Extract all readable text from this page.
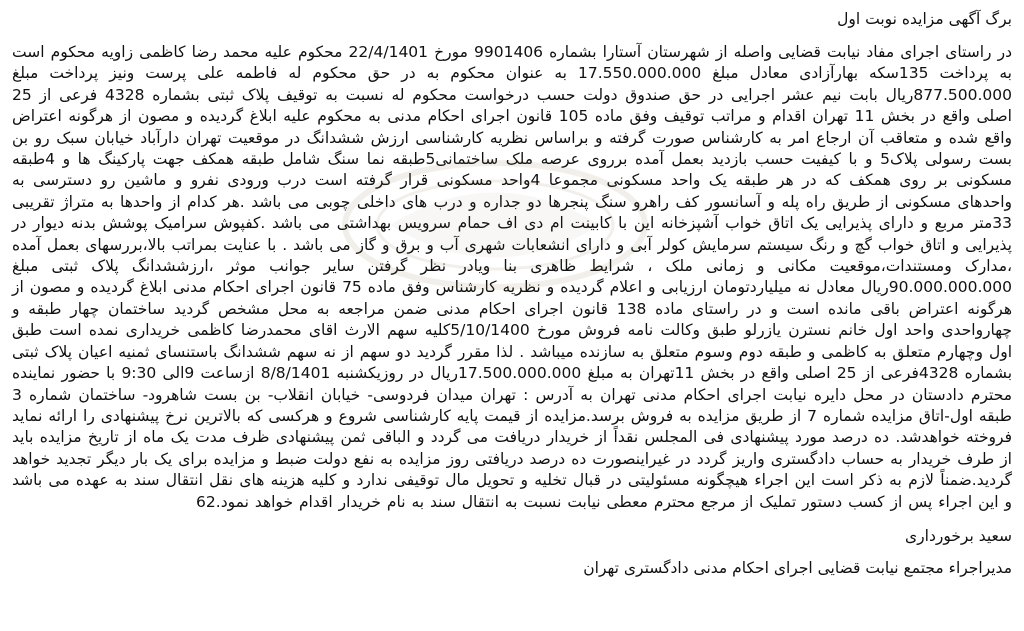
برگ آگهی مزایده نوبت اول

در راستای اجرای مفاد نیابت قضایی واصله از شهرستان آستارا بشماره 9901406 مورخ 22/4/1401 محکوم علیه محمد رضا کاظمی زاویه محکوم است به پرداخت 135سکه بهارآزادی معادل مبلغ 17.550.000.000 به عنوان محکوم به در حق محکوم له فاطمه علی پرست ونیز پرداخت مبلغ 877.500.000ریال بابت نیم عشر اجرایی در حق صندوق دولت حسب درخواست محکوم له نسبت به توقیف پلاک ثبتی بشماره 4328 فرعی از 25 اصلی واقع در بخش 11 تهران اقدام و مراتب توقیف وفق ماده 105 قانون اجرای احکام مدنی به محکوم علیه ابلاغ گردیده و مصون از هرگونه اعتراض واقع شده و متعاقب آن ارجاع امر به کارشناس صورت گرفته و براساس نظریه کارشناسی ارزش ششدانگ در موقعیت تهران دارآباد خیابان سبک رو بن بست رسولی پلاک5 و با کیفیت حسب بازدید بعمل آمده برروی عرصه ملک ساختمانی5طبقه نما سنگ شامل طبقه همکف جهت پارکینگ ها و 4طبقه مسکونی بر روی همکف که در هر طبقه یک واحد مسکونی مجموعا 4واحد مسکونی قرار گرفته است درب ورودی نفرو و ماشین رو دسترسی به واحدهای مسکونی از طریق راه پله و آسانسور کف راهرو سنگ پنجرها دو جداره و درب های داخلی چوبی می باشد .هر کدام از واحدها به متراژ تقریبی 33متر مربع و دارای پذیرایی یک اتاق خواب آشپزخانه این با کابینت ام دی اف حمام سرویس بهداشتی می باشد .کفپوش سرامیک پوشش بدنه دیوار در پذیرایی و اتاق خواب گچ و رنگ سیستم سرمایش کولر آبی و دارای انشعابات شهری آب و برق و گاز می باشد . با عنایت بمراتب بالا،بررسهای بعمل آمده ،مدارک ومستندات،موقعیت مکانی و زمانی ملک ، شرایط ظاهری بنا ویادر نظر گرفتن سایر جوانب موثر ،ارزششدانگ پلاک ثبتی مبلغ 90.000.000.000ریال معادل نه میلیاردتومان ارزیابی و اعلام گردیده و نظریه کارشناس وفق ماده 75 قانون اجرای احکام مدنی ابلاغ گردیده و مصون از هرگونه اعتراض باقی مانده است و در راستای ماده 138 قانون اجرای احکام مدنی ضمن مراجعه به محل مشخص گردید ساختمان چهار طبقه و چهارواحدی واحد اول خانم نسترن یازرلو طبق وکالت نامه فروش مورخ 5/10/1400کلیه سهم الارث اقای محمدرضا کاظمی خریداری نمده است طبق اول وچهارم متعلق به کاظمی و طبقه دوم وسوم متعلق به سازنده میباشد . لذا مقرر گردید دو سهم از نه سهم ششدانگ باستنسای ثمنیه اعیان پلاک ثبتی بشماره 4328فرعی از 25 اصلی واقع در بخش 11تهران به مبلغ 17.500.000.000ریال در روزیکشنبه 8/8/1401 ازساعت 9الی 9:30 با حضور نماینده محترم دادستان در محل دایره نیابت اجرای احکام مدنی تهران به آدرس : تهران میدان فردوسی- خیابان انقلاب- بن بست شاهرود- ساختمان شماره 3 طبقه اول-اتاق مزایده شماره 7 از طریق مزایده به فروش برسد.مزایده از قیمت پایه کارشناسی شروع و هرکسی که بالاترین نرخ پیشنهادی را ارائه نماید فروخته خواهدشد. ده درصد مورد پیشنهادی فی المجلس نقداً از خریدار دریافت می گردد و الباقی ثمن پیشنهادی ظرف مدت یک ماه از تاریخ مزایده باید از طرف خریدار به حساب دادگستری واریز گردد در غیراینصورت ده درصد دریافتی روز مزایده به نفع دولت ضبط و مزایده برای یک بار دیگر تجدید خواهد گردید.ضمناً لازم به ذکر است این اجراء هیچگونه مسئولیتی در قبال تخلیه و تحویل مال توقیفی ندارد و کلیه هزینه های نقل انتقال سند به عهده می باشد و این اجراء پس از کسب دستور تملیک از مرجع محترم معطی نیابت نسبت به انتقال سند به نام خریدار اقدام خواهد نمود.62

سعید برخورداری
مدیراجراء مجتمع نیابت قضایی اجرای احکام مدنی دادگستری تهران
